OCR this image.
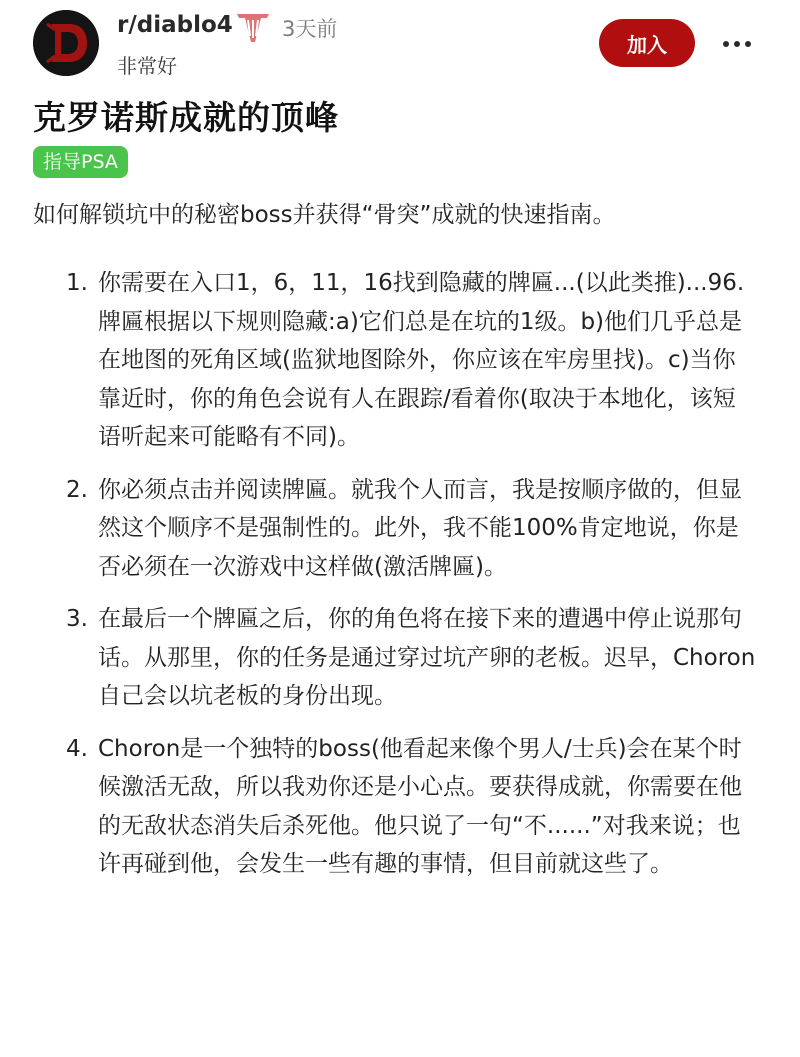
r/diablo4 3天前
非常好
加入
克罗诺斯成就的顶峰
指导PSA
如何解锁坑中的秘密boss并获得“骨突”成就的快速指南。
1. 你需要在入口1，6，11，16找到隐藏的牌匾...(以此类推)...96.牌匾根据以下规则隐藏:a)它们总是在坑的1级。b)他们几乎总是在地图的死角区域(监狱地图除外，你应该在牢房里找)。c)当你靠近时，你的角色会说有人在跟踪/看着你(取决于本地化，该短语听起来可能略有不同)。
2. 你必须点击并阅读牌匾。就我个人而言，我是按顺序做的，但显然这个顺序不是强制性的。此外，我不能100%肯定地说，你是否必须在一次游戏中这样做(激活牌匾)。
3. 在最后一个牌匾之后，你的角色将在接下来的遭遇中停止说那句话。从那里，你的任务是通过穿过坑产卵的老板。迟早，Choron自己会以坑老板的身份出现。
4. Choron是一个独特的boss(他看起来像个男人/士兵)会在某个时候激活无敌，所以我劝你还是小心点。要获得成就，你需要在他的无敌状态消失后杀死他。他只说了一句“不......”对我来说；也许再碰到他，会发生一些有趣的事情，但目前就这些了。
